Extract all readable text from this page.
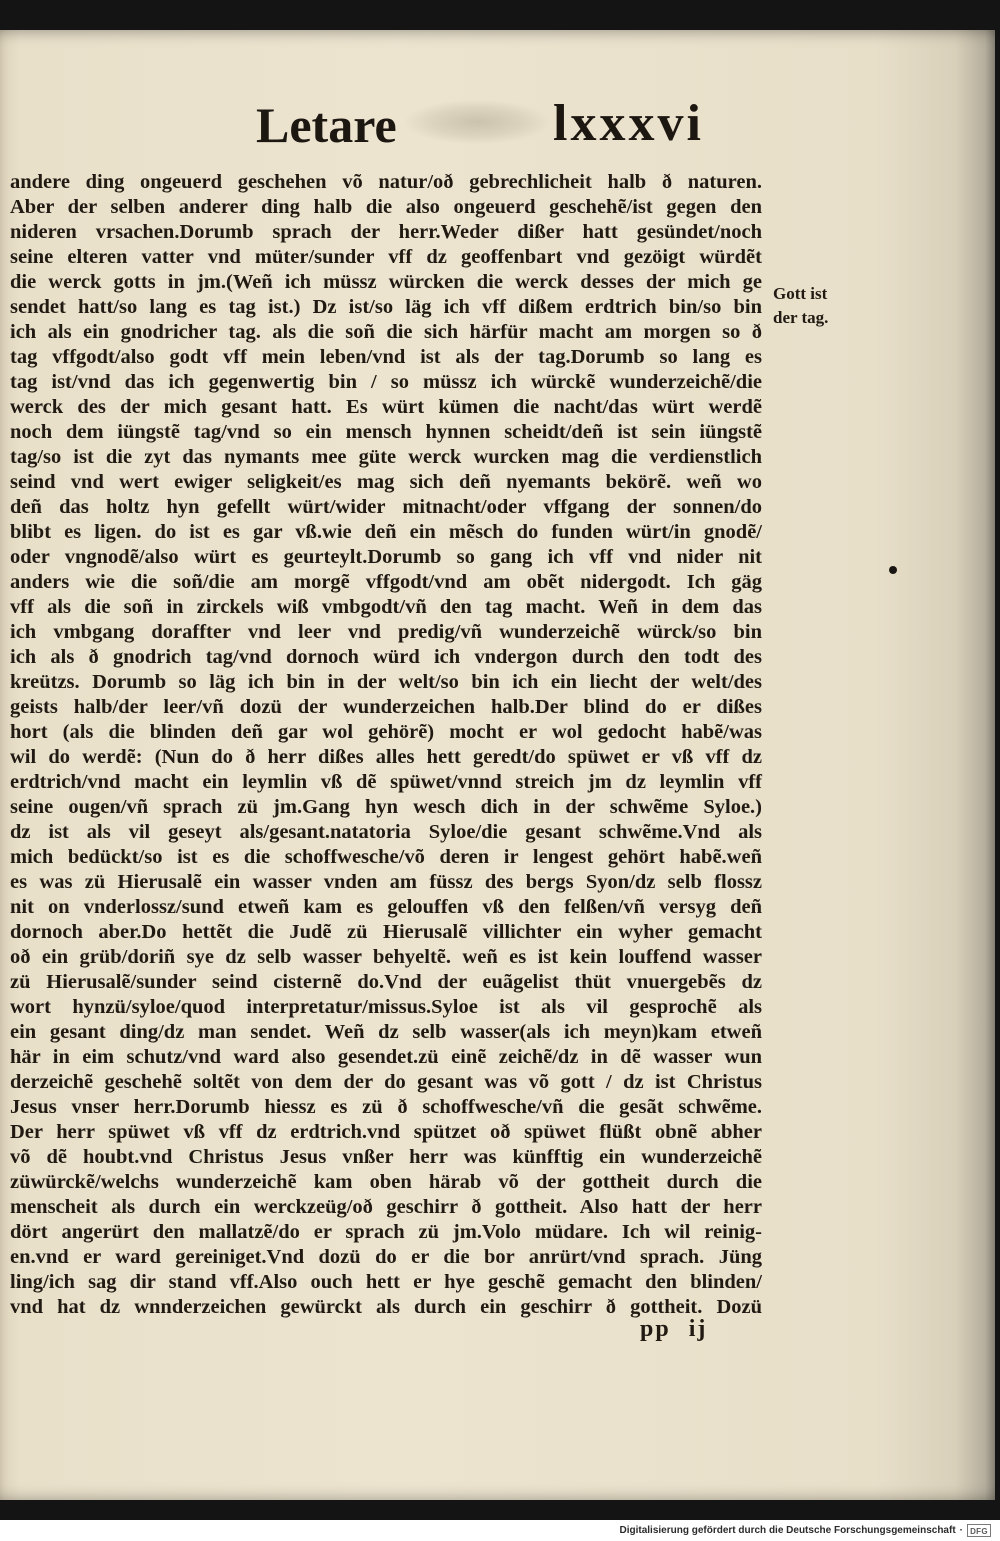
Letare	lxxxvi
andere ding ongeuerd geschehen võ natur/oð gebrechlicheit halb ð naturen.
Aber der selben anderer ding halb die also ongeuerd geschehẽ/ist gegen den
nideren vrsachen.Dorumb sprach der herr.Weder dißer hatt gesündet/noch
seine elteren vatter vnd müter/sunder vff dz geoffenbart vnd gezöigt würdẽt
die werck gotts in jm.(Weñ ich müssz würcken die werck desses der mich ge
sendet hatt/so lang es tag ist.) Dz ist/so läg ich vff dißem erdtrich bin/so bin
ich als ein gnodricher tag. als die soñ die sich härfür macht am morgen so ð
tag vffgodt/also godt vff mein leben/vnd ist als der tag.Dorumb so lang es
tag ist/vnd das ich gegenwertig bin / so müssz ich würckẽ wunderzeichẽ/die
werck des der mich gesant hatt. Es würt kümen die nacht/das würt werdẽ
noch dem iüngstẽ tag/vnd so ein mensch hynnen scheidt/deñ ist sein iüngstẽ
tag/so ist die zyt das nymants mee güte werck wurcken mag die verdienstlich
seind vnd wert ewiger seligkeit/es mag sich deñ nyemants bekörẽ. weñ wo
deñ das holtz hyn gefellt würt/wider mitnacht/oder vffgang der sonnen/do
blibt es ligen. do ist es gar vß.wie deñ ein mẽsch do funden würt/in gnodẽ/
oder vngnodẽ/also würt es geurteylt.Dorumb so gang ich vff vnd nider nit
anders wie die soñ/die am morgẽ vffgodt/vnd am obẽt nidergodt. Ich gäg
vff als die soñ in zirckels wiß vmbgodt/vñ den tag macht. Weñ in dem das
ich vmbgang doraffter vnd leer vnd predig/vñ wunderzeichẽ würck/so bin
ich als ð gnodrich tag/vnd dornoch würd ich vndergon durch den todt des
kreützs. Dorumb so läg ich bin in der welt/so bin ich ein liecht der welt/des
geists halb/der leer/vñ dozü der wunderzeichen halb.Der blind do er dißes
hort (als die blinden deñ gar wol gehörẽ) mocht er wol gedocht habẽ/was
wil do werdẽ: (Nun do ð herr dißes alles hett geredt/do spüwet er vß vff dz
erdtrich/vnd macht ein leymlin vß dẽ spüwet/vnnd streich jm dz leymlin vff
seine ougen/vñ sprach zü jm.Gang hyn wesch dich in der schwẽme Syloe.)
dz ist als vil geseyt als/gesant.natatoria Syloe/die gesant schwẽme.Vnd als
mich bedückt/so ist es die schoffwesche/võ deren ir lengest gehört habẽ.weñ
es was zü Hierusalẽ ein wasser vnden am füssz des bergs Syon/dz selb flossz
nit on vnderlossz/sund etweñ kam es gelouffen vß den felßen/vñ versyg deñ
dornoch aber.Do hettẽt die Judẽ zü Hierusalẽ villichter ein wyher gemacht
oð ein grüb/doriñ sye dz selb wasser behyeltẽ. weñ es ist kein louffend wasser
zü Hierusalẽ/sunder seind cisternẽ do.Vnd der euãgelist thüt vnuergebẽs dz
wort hynzü/syloe/quod interpretatur/missus.Syloe ist als vil gesprochẽ als
ein gesant ding/dz man sendet. Weñ dz selb wasser(als ich meyn)kam etweñ
här in eim schutz/vnd ward also gesendet.zü einẽ zeichẽ/dz in dẽ wasser wun
derzeichẽ geschehẽ soltẽt von dem der do gesant was võ gott / dz ist Christus
Jesus vnser herr.Dorumb hiessz es zü ð schoffwesche/vñ die gesãt schwẽme.
Der herr spüwet vß vff dz erdtrich.vnd spützet oð spüwet flüßt obnẽ abher
võ dẽ houbt.vnd Christus Jesus vnßer herr was künfftig ein wunderzeichẽ
züwürckẽ/welchs wunderzeichẽ kam oben härab võ der gottheit durch die
menscheit als durch ein werckzeüg/oð geschirr ð gottheit. Also hatt der herr
dört angerürt den mallatzẽ/do er sprach zü jm.Volo müdare. Ich wil reinig-
en.vnd er ward gereiniget.Vnd dozü do er die bor anrürt/vnd sprach. Jüng
ling/ich sag dir stand vff.Also ouch hett er hye geschẽ gemacht den blinden/
vnd hat dz wnnderzeichen gewürckt als durch ein geschirr ð gottheit. Dozü
Gott ist
der tag.
pp ij
Digitalisierung gefördert durch die Deutsche Forschungsgemeinschaft · DFG
